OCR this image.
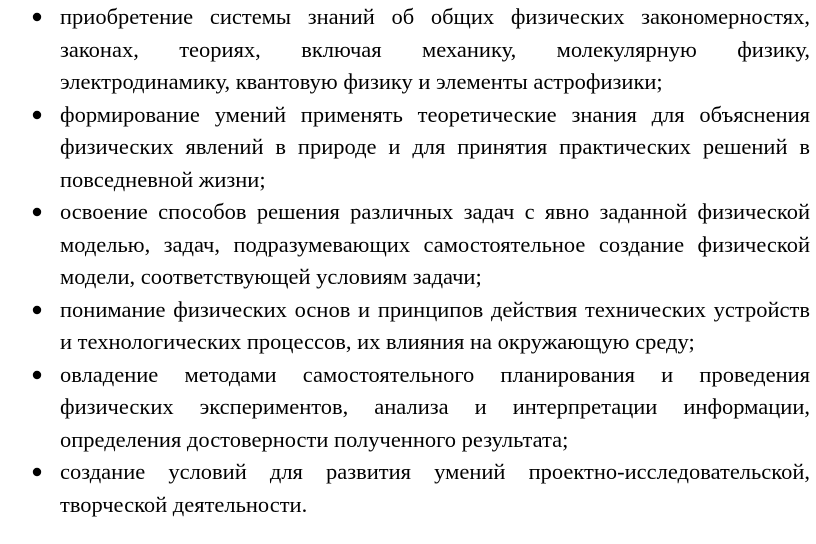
приобретение системы знаний об общих физических закономерностях, законах, теориях, включая механику, молекулярную физику, электродинамику, квантовую физику и элементы астрофизики;
формирование умений применять теоретические знания для объяснения физических явлений в природе и для принятия практических решений в повседневной жизни;
освоение способов решения различных задач с явно заданной физической моделью, задач, подразумевающих самостоятельное создание физической модели, соответствующей условиям задачи;
понимание физических основ и принципов действия технических устройств и технологических процессов, их влияния на окружающую среду;
овладение методами самостоятельного планирования и проведения физических экспериментов, анализа и интерпретации информации, определения достоверности полученного результата;
создание условий для развития умений проектно-исследовательской, творческой деятельности.
